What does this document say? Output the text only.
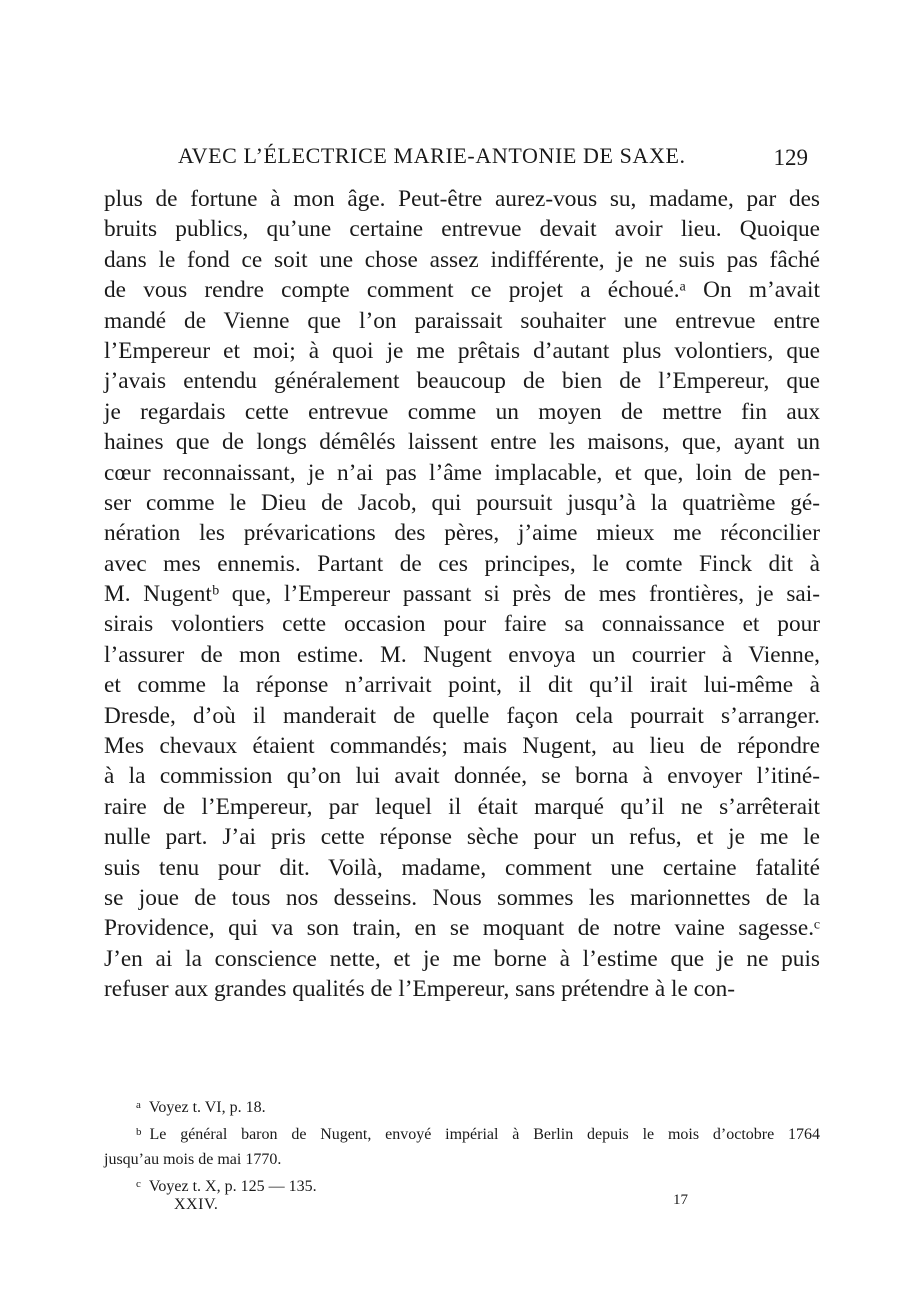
AVEC L’ÉLECTRICE MARIE-ANTONIE DE SAXE.	129
plus de fortune à mon âge. Peut-être aurez-vous su, madame, par des
bruits publics, qu’une certaine entrevue devait avoir lieu. Quoique
dans le fond ce soit une chose assez indifférente, je ne suis pas fâché
de vous rendre compte comment ce projet a échoué.ᵃ On m’avait
mandé de Vienne que l’on paraissait souhaiter une entrevue entre
l’Empereur et moi; à quoi je me prêtais d’autant plus volontiers, que
j’avais entendu généralement beaucoup de bien de l’Empereur, que
je regardais cette entrevue comme un moyen de mettre fin aux
haines que de longs démêlés laissent entre les maisons, que, ayant un
cœur reconnaissant, je n’ai pas l’âme implacable, et que, loin de pen-
ser comme le Dieu de Jacob, qui poursuit jusqu’à la quatrième gé-
nération les prévarications des pères, j’aime mieux me réconcilier
avec mes ennemis. Partant de ces principes, le comte Finck dit à
M. Nugentᵇ que, l’Empereur passant si près de mes frontières, je sai-
sirais volontiers cette occasion pour faire sa connaissance et pour
l’assurer de mon estime. M. Nugent envoya un courrier à Vienne,
et comme la réponse n’arrivait point, il dit qu’il irait lui-même à
Dresde, d’où il manderait de quelle façon cela pourrait s’arranger.
Mes chevaux étaient commandés; mais Nugent, au lieu de répondre
à la commission qu’on lui avait donnée, se borna à envoyer l’itiné-
raire de l’Empereur, par lequel il était marqué qu’il ne s’arrêterait
nulle part. J’ai pris cette réponse sèche pour un refus, et je me le
suis tenu pour dit. Voilà, madame, comment une certaine fatalité
se joue de tous nos desseins. Nous sommes les marionnettes de la
Providence, qui va son train, en se moquant de notre vaine sagesse.ᶜ
J’en ai la conscience nette, et je me borne à l’estime que je ne puis
refuser aux grandes qualités de l’Empereur, sans prétendre à le con-
$^a$ Voyez t. VI, p. 18.
$^b$ Le général baron de Nugent, envoyé impérial à Berlin depuis le mois d’octobre 1764
jusqu’au mois de mai 1770.
$^c$ Voyez t. X, p. 125 — 135.
XXIV.	17
